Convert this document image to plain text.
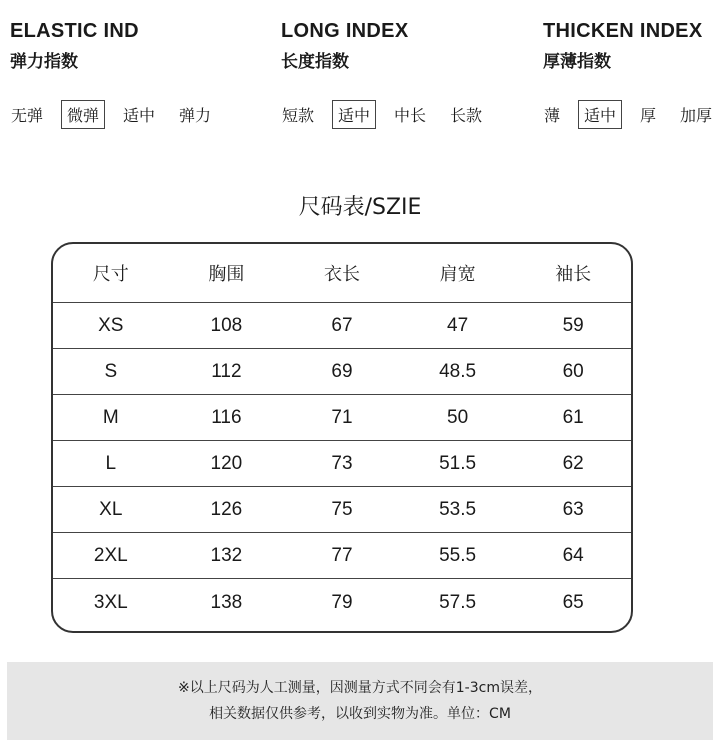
ELASTIC IND
弹力指数
LONG INDEX
长度指数
THICKEN INDEX
厚薄指数
无弹	微弹	适中	弹力	短款	适中	中长	长款	薄	适中	厚	加厚
尺码表/SZIE
尺寸	胸围	衣长	肩宽	袖长
XS	108	67	47	59
S	112	69	48.5	60
M	116	71	50	61
L	120	73	51.5	62
XL	126	75	53.5	63
2XL	132	77	55.5	64
3XL	138	79	57.5	65
※以上尺码为人工测量，因测量方式不同会有1-3cm误差，
相关数据仅供参考，以收到实物为准。单位：CM
